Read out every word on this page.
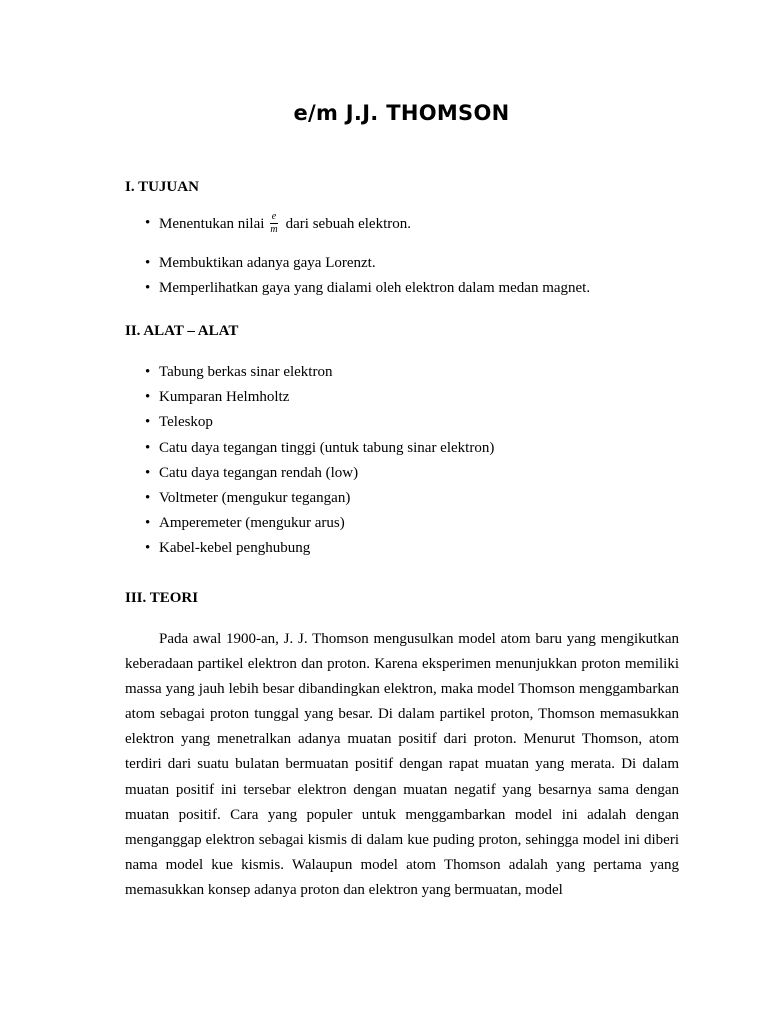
e/m J.J. THOMSON
I. TUJUAN
• Menentukan nilai $\frac{e}{m}$ dari sebuah elektron.
• Membuktikan adanya gaya Lorenzt.
• Memperlihatkan gaya yang dialami oleh elektron dalam medan magnet.
II. ALAT – ALAT
• Tabung berkas sinar elektron
• Kumparan Helmholtz
• Teleskop
• Catu daya tegangan tinggi (untuk tabung sinar elektron)
• Catu daya tegangan rendah (low)
• Voltmeter (mengukur tegangan)
• Amperemeter (mengukur arus)
• Kabel-kebel penghubung
III. TEORI

Pada awal 1900-an, J. J. Thomson mengusulkan model atom baru yang mengikutkan keberadaan partikel elektron dan proton. Karena eksperimen menunjukkan proton memiliki massa yang jauh lebih besar dibandingkan elektron, maka model Thomson menggambarkan atom sebagai proton tunggal yang besar. Di dalam partikel proton, Thomson memasukkan elektron yang menetralkan adanya muatan positif dari proton. Menurut Thomson, atom terdiri dari suatu bulatan bermuatan positif dengan rapat muatan yang merata. Di dalam muatan positif ini tersebar elektron dengan muatan negatif yang besarnya sama dengan muatan positif. Cara yang populer untuk menggambarkan model ini adalah dengan menganggap elektron sebagai kismis di dalam kue puding proton, sehingga model ini diberi nama model kue kismis. Walaupun model atom Thomson adalah yang pertama yang memasukkan konsep adanya proton dan elektron yang bermuatan, model
